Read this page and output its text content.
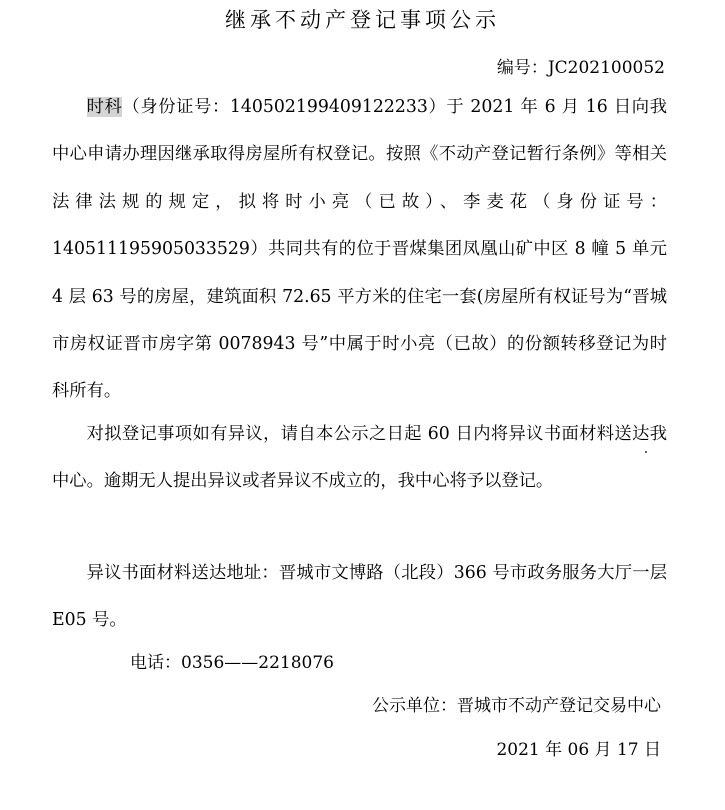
继承不动产登记事项公示
编号：JC202100052

时科（身份证号：140502199409122233）于 2021 年 6 月 16 日向我中心申请办理因继承取得房屋所有权登记。按照《不动产登记暂行条例》等相关法律法规的规定，拟将时小亮（已故）、李麦花（身份证号：140511195905033529）共同共有的位于晋煤集团凤凰山矿中区 8 幢 5 单元 4 层 63 号的房屋，建筑面积 72.65 平方米的住宅一套(房屋所有权证号为“晋城市房权证晋市房字第 0078943 号”中属于时小亮（已故）的份额转移登记为时科所有。

对拟登记事项如有异议，请自本公示之日起 60 日内将异议书面材料送达我中心。逾期无人提出异议或者异议不成立的，我中心将予以登记。

异议书面材料送达地址：晋城市文博路（北段）366 号市政务服务大厅一层 E05 号。

电话：0356——2218076
公示单位：晋城市不动产登记交易中心
2021 年 06 月 17 日
